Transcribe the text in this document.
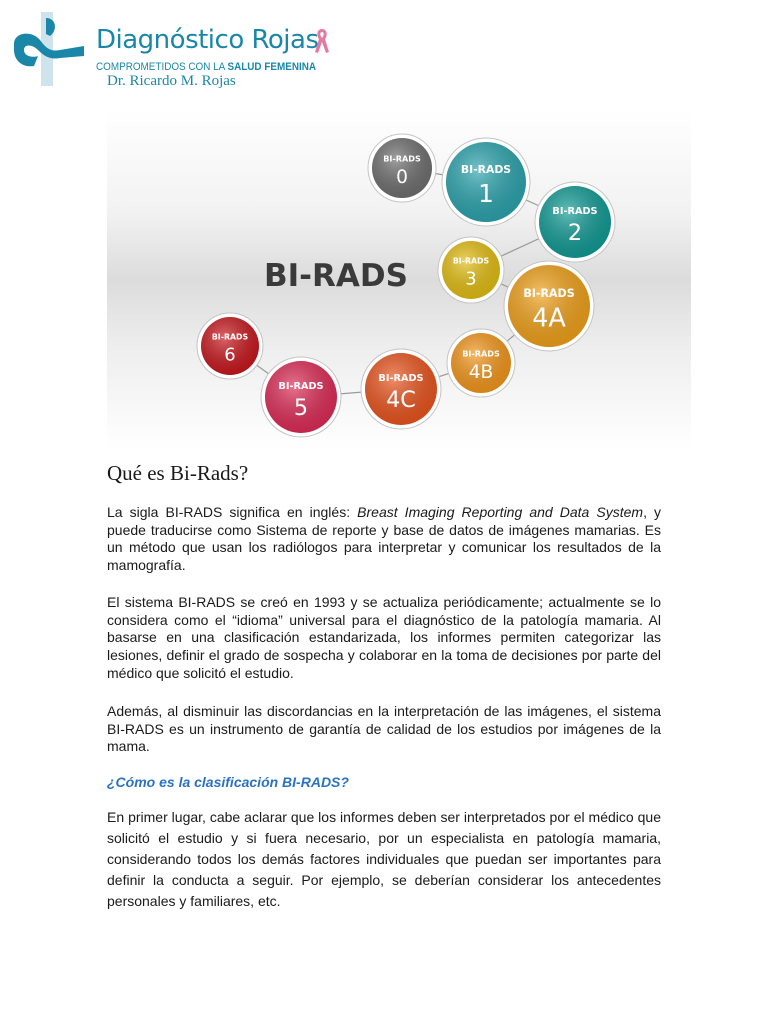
Diagnóstico Rojas
COMPROMETIDOS CON LA SALUD FEMENINA
Dr. Ricardo M. Rojas
BI-RADS
0	BI-RADS
1
BI-RADS
2
BI-RADS
3
BI-RADS
4A
BI-RADS
4B
BI-RADS
4C
BI-RADS
5
BI-RADS
6
BI-RADS
Qué es Bi-Rads?

La sigla BI-RADS significa en inglés: Breast Imaging Reporting and Data System, y puede traducirse como Sistema de reporte y base de datos de imágenes mamarias. Es un método que usan los radiólogos para interpretar y comunicar los resultados de la mamografía.

El sistema BI-RADS se creó en 1993 y se actualiza periódicamente; actualmente se lo considera como el “idioma” universal para el diagnóstico de la patología mamaria. Al basarse en una clasificación estandarizada, los informes permiten categorizar las lesiones, definir el grado de sospecha y colaborar en la toma de decisiones por parte del médico que solicitó el estudio.

Además, al disminuir las discordancias en la interpretación de las imágenes, el sistema BI-RADS es un instrumento de garantía de calidad de los estudios por imágenes de la mama.

¿Cómo es la clasificación BI-RADS?

En primer lugar, cabe aclarar que los informes deben ser interpretados por el médico que solicitó el estudio y si fuera necesario, por un especialista en patología mamaria, considerando todos los demás factores individuales que puedan ser importantes para definir la conducta a seguir. Por ejemplo, se deberían considerar los antecedentes personales y familiares, etc.
